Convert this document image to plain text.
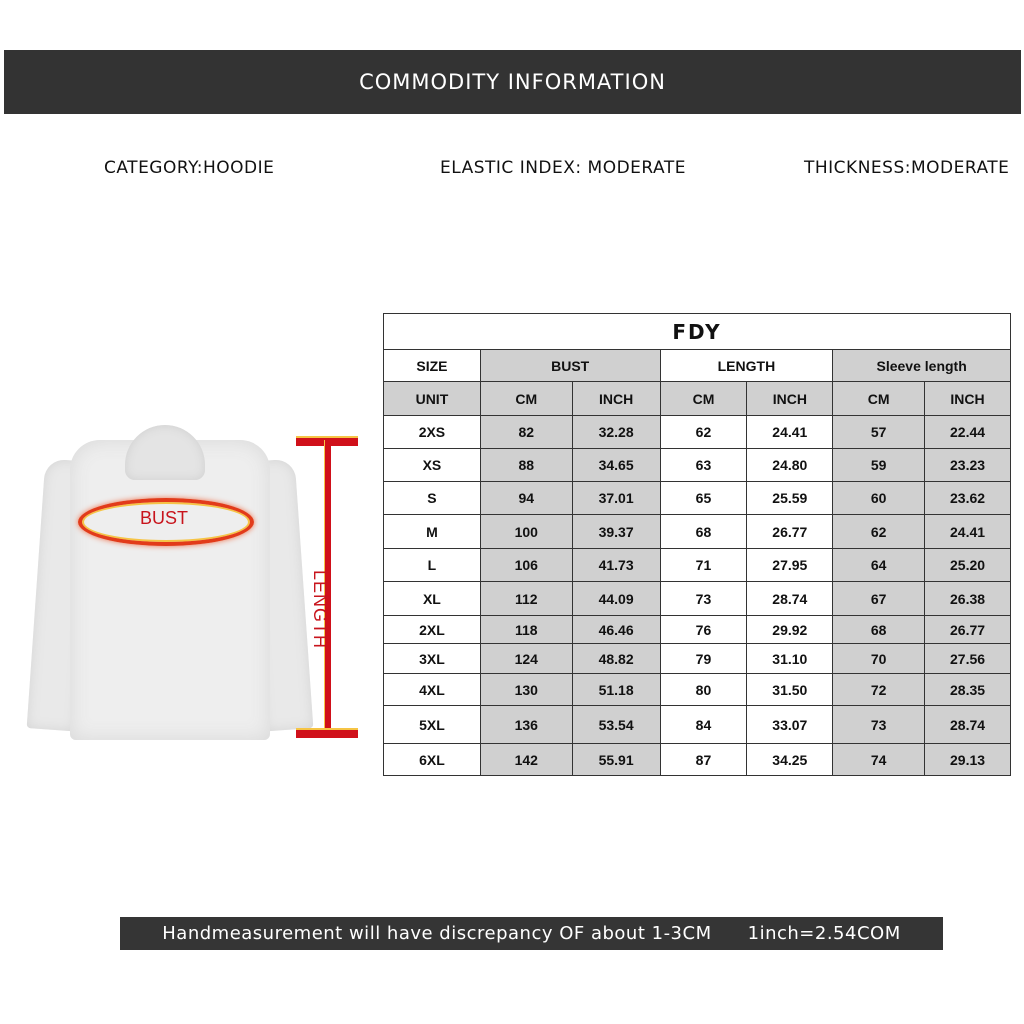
COMMODITY INFORMATION
CATEGORY:HOODIE	ELASTIC INDEX: MODERATE	THICKNESS:MODERATE
BUST
LENGTH
FDY						
SIZE	BUST		LENGTH		Sleeve length	
UNIT	CM	INCH	CM	INCH	CM	INCH
2XS	82	32.28	62	24.41	57	22.44
XS	88	34.65	63	24.80	59	23.23
S	94	37.01	65	25.59	60	23.62
M	100	39.37	68	26.77	62	24.41
L	106	41.73	71	27.95	64	25.20
XL	112	44.09	73	28.74	67	26.38
2XL	118	46.46	76	29.92	68	26.77
3XL	124	48.82	79	31.10	70	27.56
4XL	130	51.18	80	31.50	72	28.35
5XL	136	53.54	84	33.07	73	28.74
6XL	142	55.91	87	34.25	74	29.13
Handmeasurement will have discrepancy OF about 1-3CM 1inch=2.54COM
